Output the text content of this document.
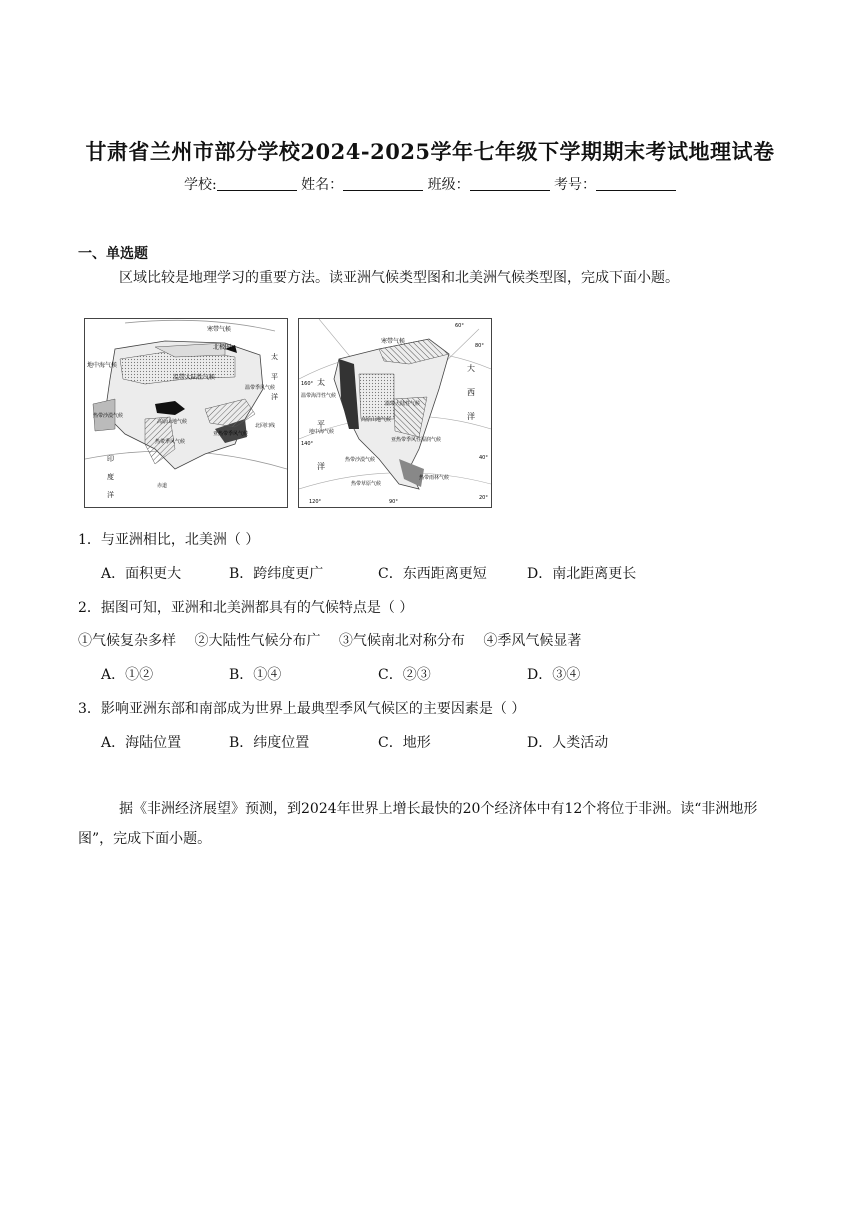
甘肃省兰州市部分学校2024-2025学年七年级下学期期末考试地理试卷
学校:	姓名：	班级：	考号：
一、单选题
区域比较是地理学习的重要方法。读亚洲气候类型图和北美洲气候类型图，完成下面小题。
寒带气候
北极圈
地中海气候
温带大陆性气候
热带沙漠气候
高原山地气候
热带季风气候
亚热带季风气候
温带季风气候
太
平
洋
印
度
洋
北回归线
赤道
寒带气候
太
平
洋
大
西
洋
温带海洋性气候
温带大陆性气候
高原山地气候
地中海气候
亚热带季风性湿润气候
热带沙漠气候
热带草原气候
热带雨林气候
60°
80°
160°
140°
120°	90°
40°
20°
1．与亚洲相比，北美洲（ ）
A．面积更大	B．跨纬度更广	C．东西距离更短	D．南北距离更长
2．据图可知，亚洲和北美洲都具有的气候特点是（ ）
①气候复杂多样 ②大陆性气候分布广 ③气候南北对称分布 ④季风气候显著
A．①②	B．①④	C．②③	D．③④
3．影响亚洲东部和南部成为世界上最典型季风气候区的主要因素是（ ）
A．海陆位置	B．纬度位置	C．地形	D．人类活动
据《非洲经济展望》预测，到2024年世界上增长最快的20个经济体中有12个将位于非洲。读“非洲地形图”，完成下面小题。
